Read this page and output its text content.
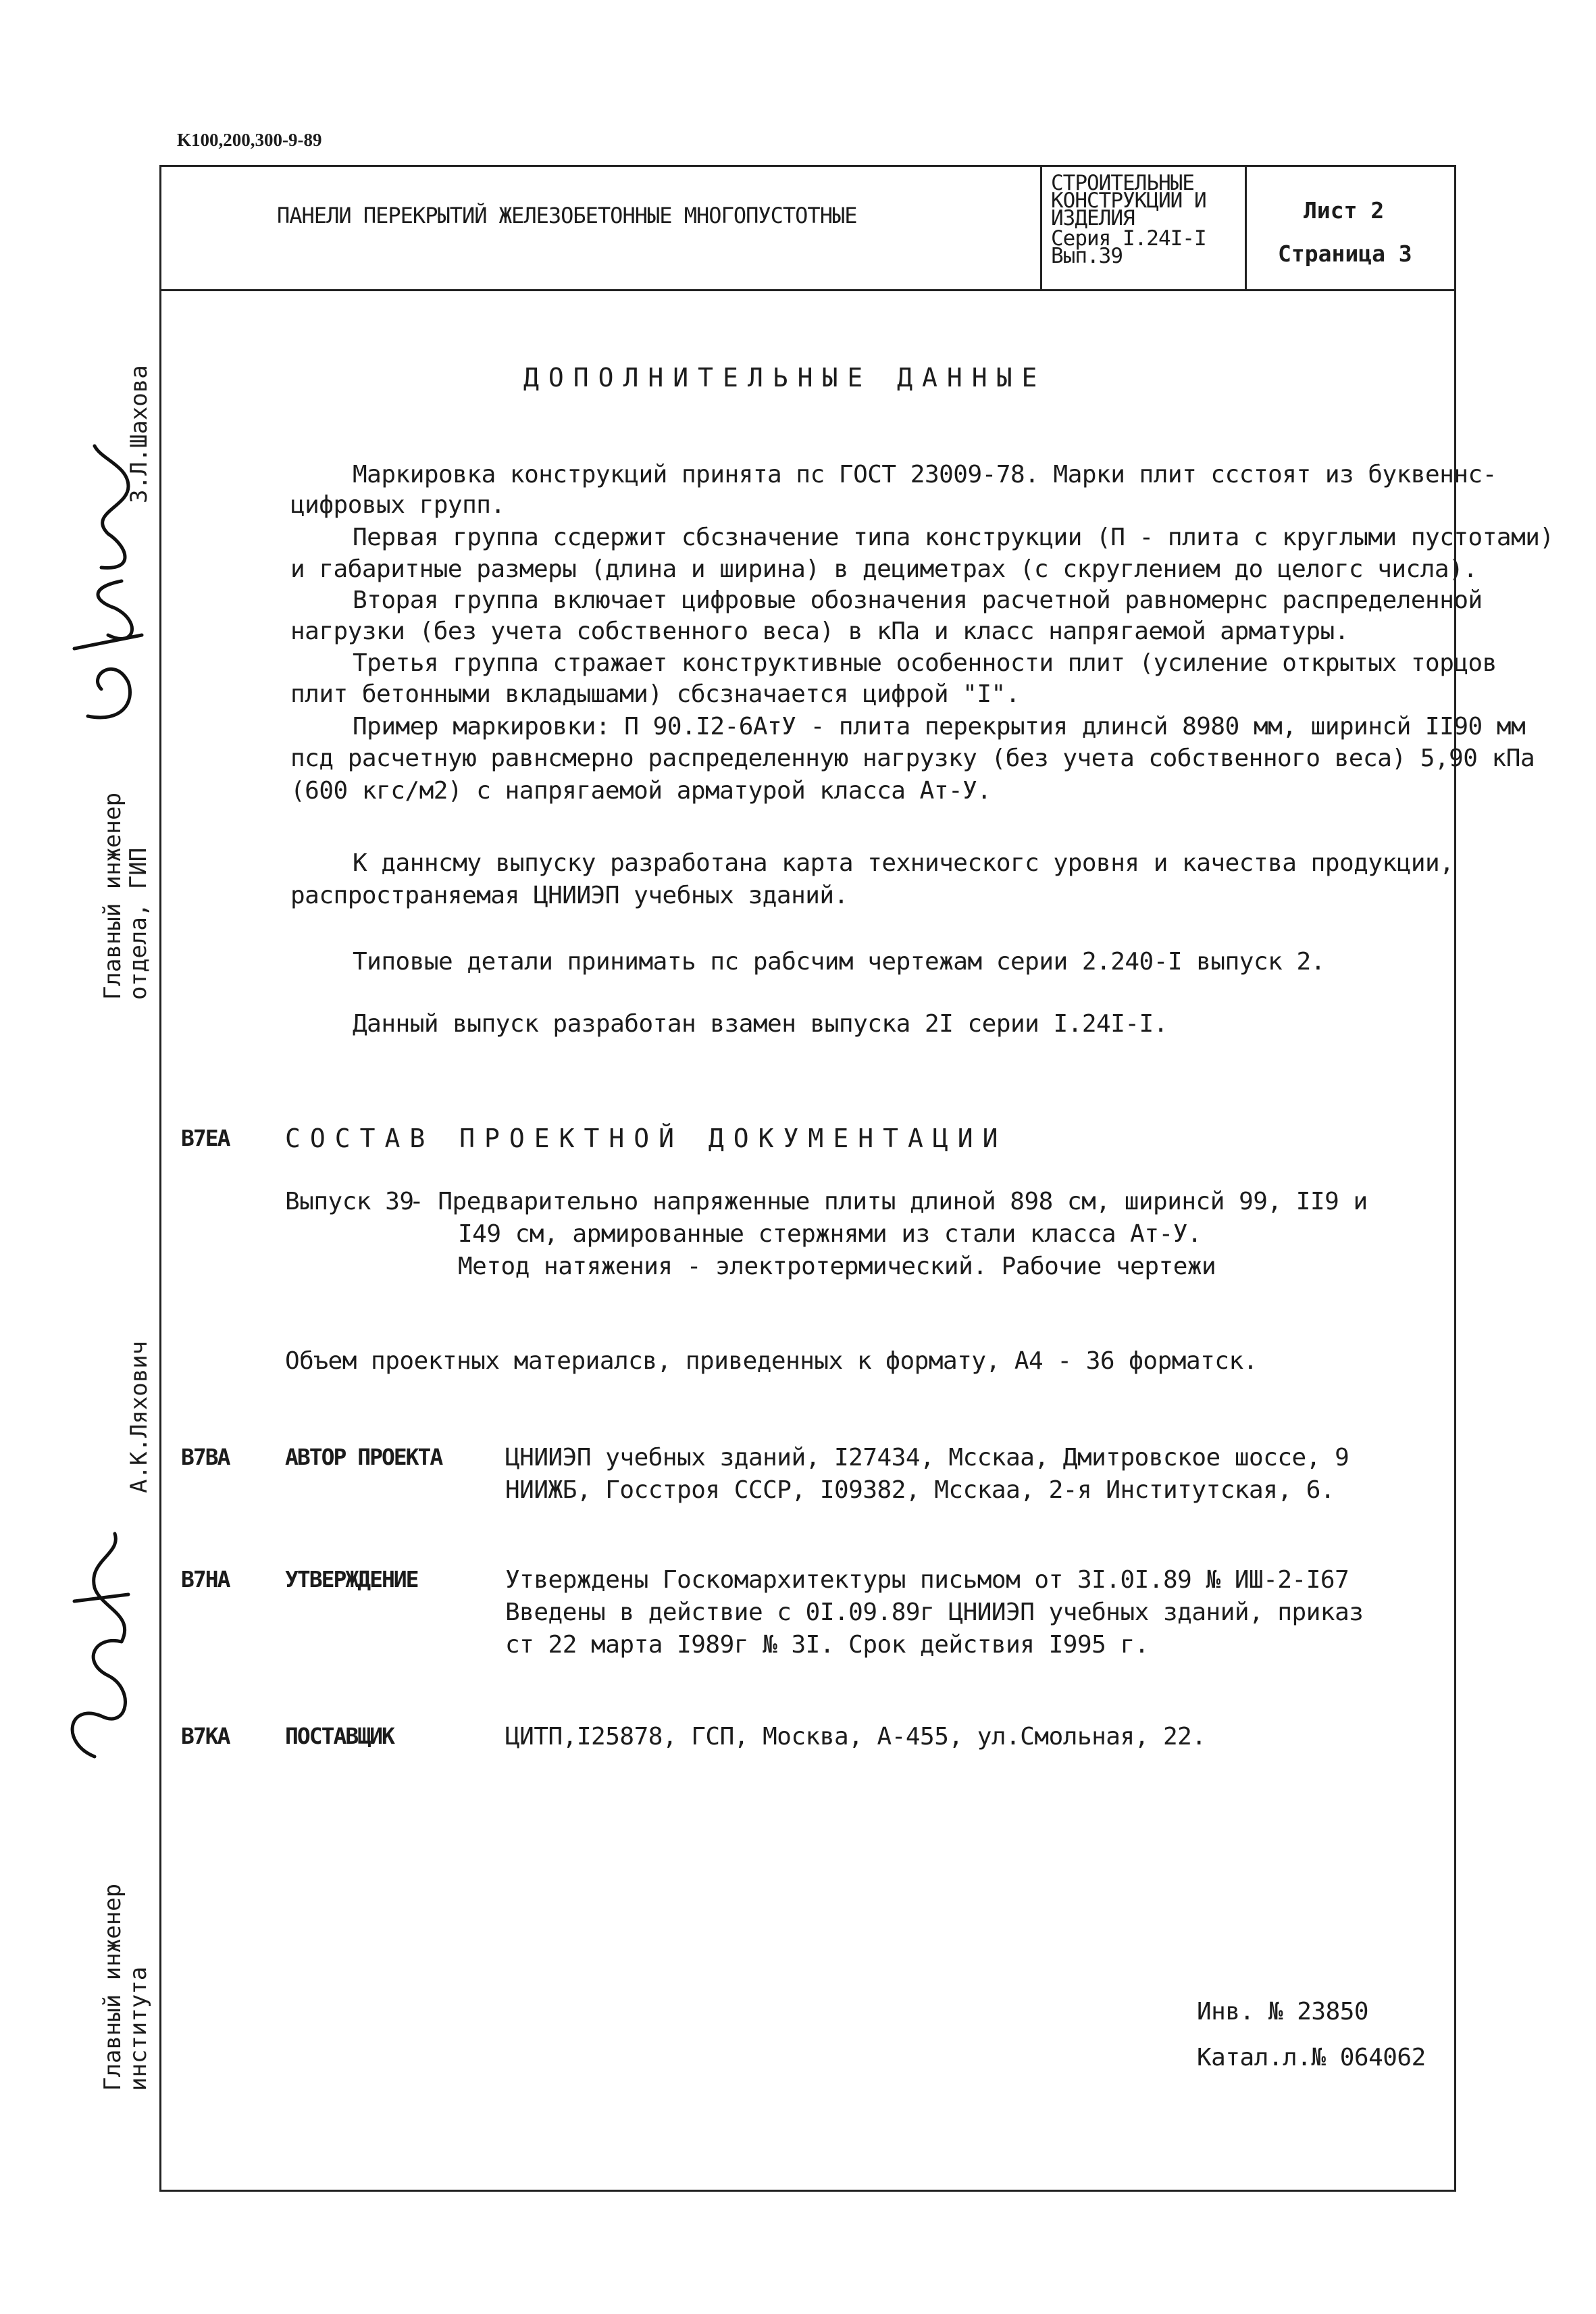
K100,200,300-9-89
ПАНЕЛИ ПЕРЕКРЫТИЙ ЖЕЛЕЗОБЕТОННЫЕ МНОГОПУСТОТНЫЕ
СТРОИТЕЛЬНЫЕ
КОНСТРУКЦИИ И
ИЗДЕЛИЯ
Серия I.24I-I
Вып.39
Лист 2
Страница 3
ДОПОЛНИТЕЛЬНЫЕ ДАННЫЕ
Маркировка конструкций принята пс ГОСТ 23009-78. Марки плит ссстоят из буквеннс-
цифровых групп.
Первая группа ссдержит сбсзначение типа конструкции (П - плита с круглыми пустотами)
и габаритные размеры (длина и ширина) в дециметрах (с скруглением до целогс числа).
Вторая группа включает цифровые обозначения расчетной равномернс распределенной
нагрузки (без учета собственного веса) в кПа и класс напрягаемой арматуры.
Третья группа стражает конструктивные особенности плит (усиление открытых торцов
плит бетонными вкладышами) сбсзначается цифрой "I".
Пример маркировки: П 90.I2-6АтУ - плита перекрытия длинсй 8980 мм, ширинсй II90 мм
псд расчетную равнсмерно распределенную нагрузку (без учета собственного веса) 5,90 кПа
(600 кгс/м2) с напрягаемой арматурой класса Ат-У.
К даннсму выпуску разработана карта техническогс уровня и качества продукции,
распространяемая ЦНИИЭП учебных зданий.
Типовые детали принимать пс рабсчим чертежам серии 2.240-I выпуск 2.
Данный выпуск разработан взамен выпуска 2I серии I.24I-I.
B7EA СОСТАВ ПРОЕКТНОЙ ДОКУМЕНТАЦИИ
Выпуск 39
- Предварительно напряженные плиты длиной 898 см, ширинсй 99, II9 и
I49 см, армированные стержнями из стали класса Ат-У.
Метод натяжения - электротермический. Рабочие чертежи
Объем проектных материалсв, приведенных к формату, А4 - 36 форматск.
B7BA	АВТОР ПРОЕКТА	ЦНИИЭП учебных зданий, I27434, Мсскаа, Дмитровское шоссе, 9
НИИЖБ, Госстроя СССР, I09382, Мсскаа, 2-я Институтская, 6.
B7HA	УТВЕРЖДЕНИЕ	Утверждены Госкомархитектуры письмом от 3I.0I.89 № ИШ-2-I67
Введены в действие с 0I.09.89г ЦНИИЭП учебных зданий, приказ
ст 22 марта I989г № 3I. Срок действия I995 г.
B7KA	ПОСТАВЩИК	ЦИТП,I25878, ГСП, Москва, А-455, ул.Смольная, 22.
Инв. № 23850
Катал.л.№ 064062
Главный инженер
отдела, ГИП
З.Л.Шахова
Главный инженер
института
А.К.Ляхович
